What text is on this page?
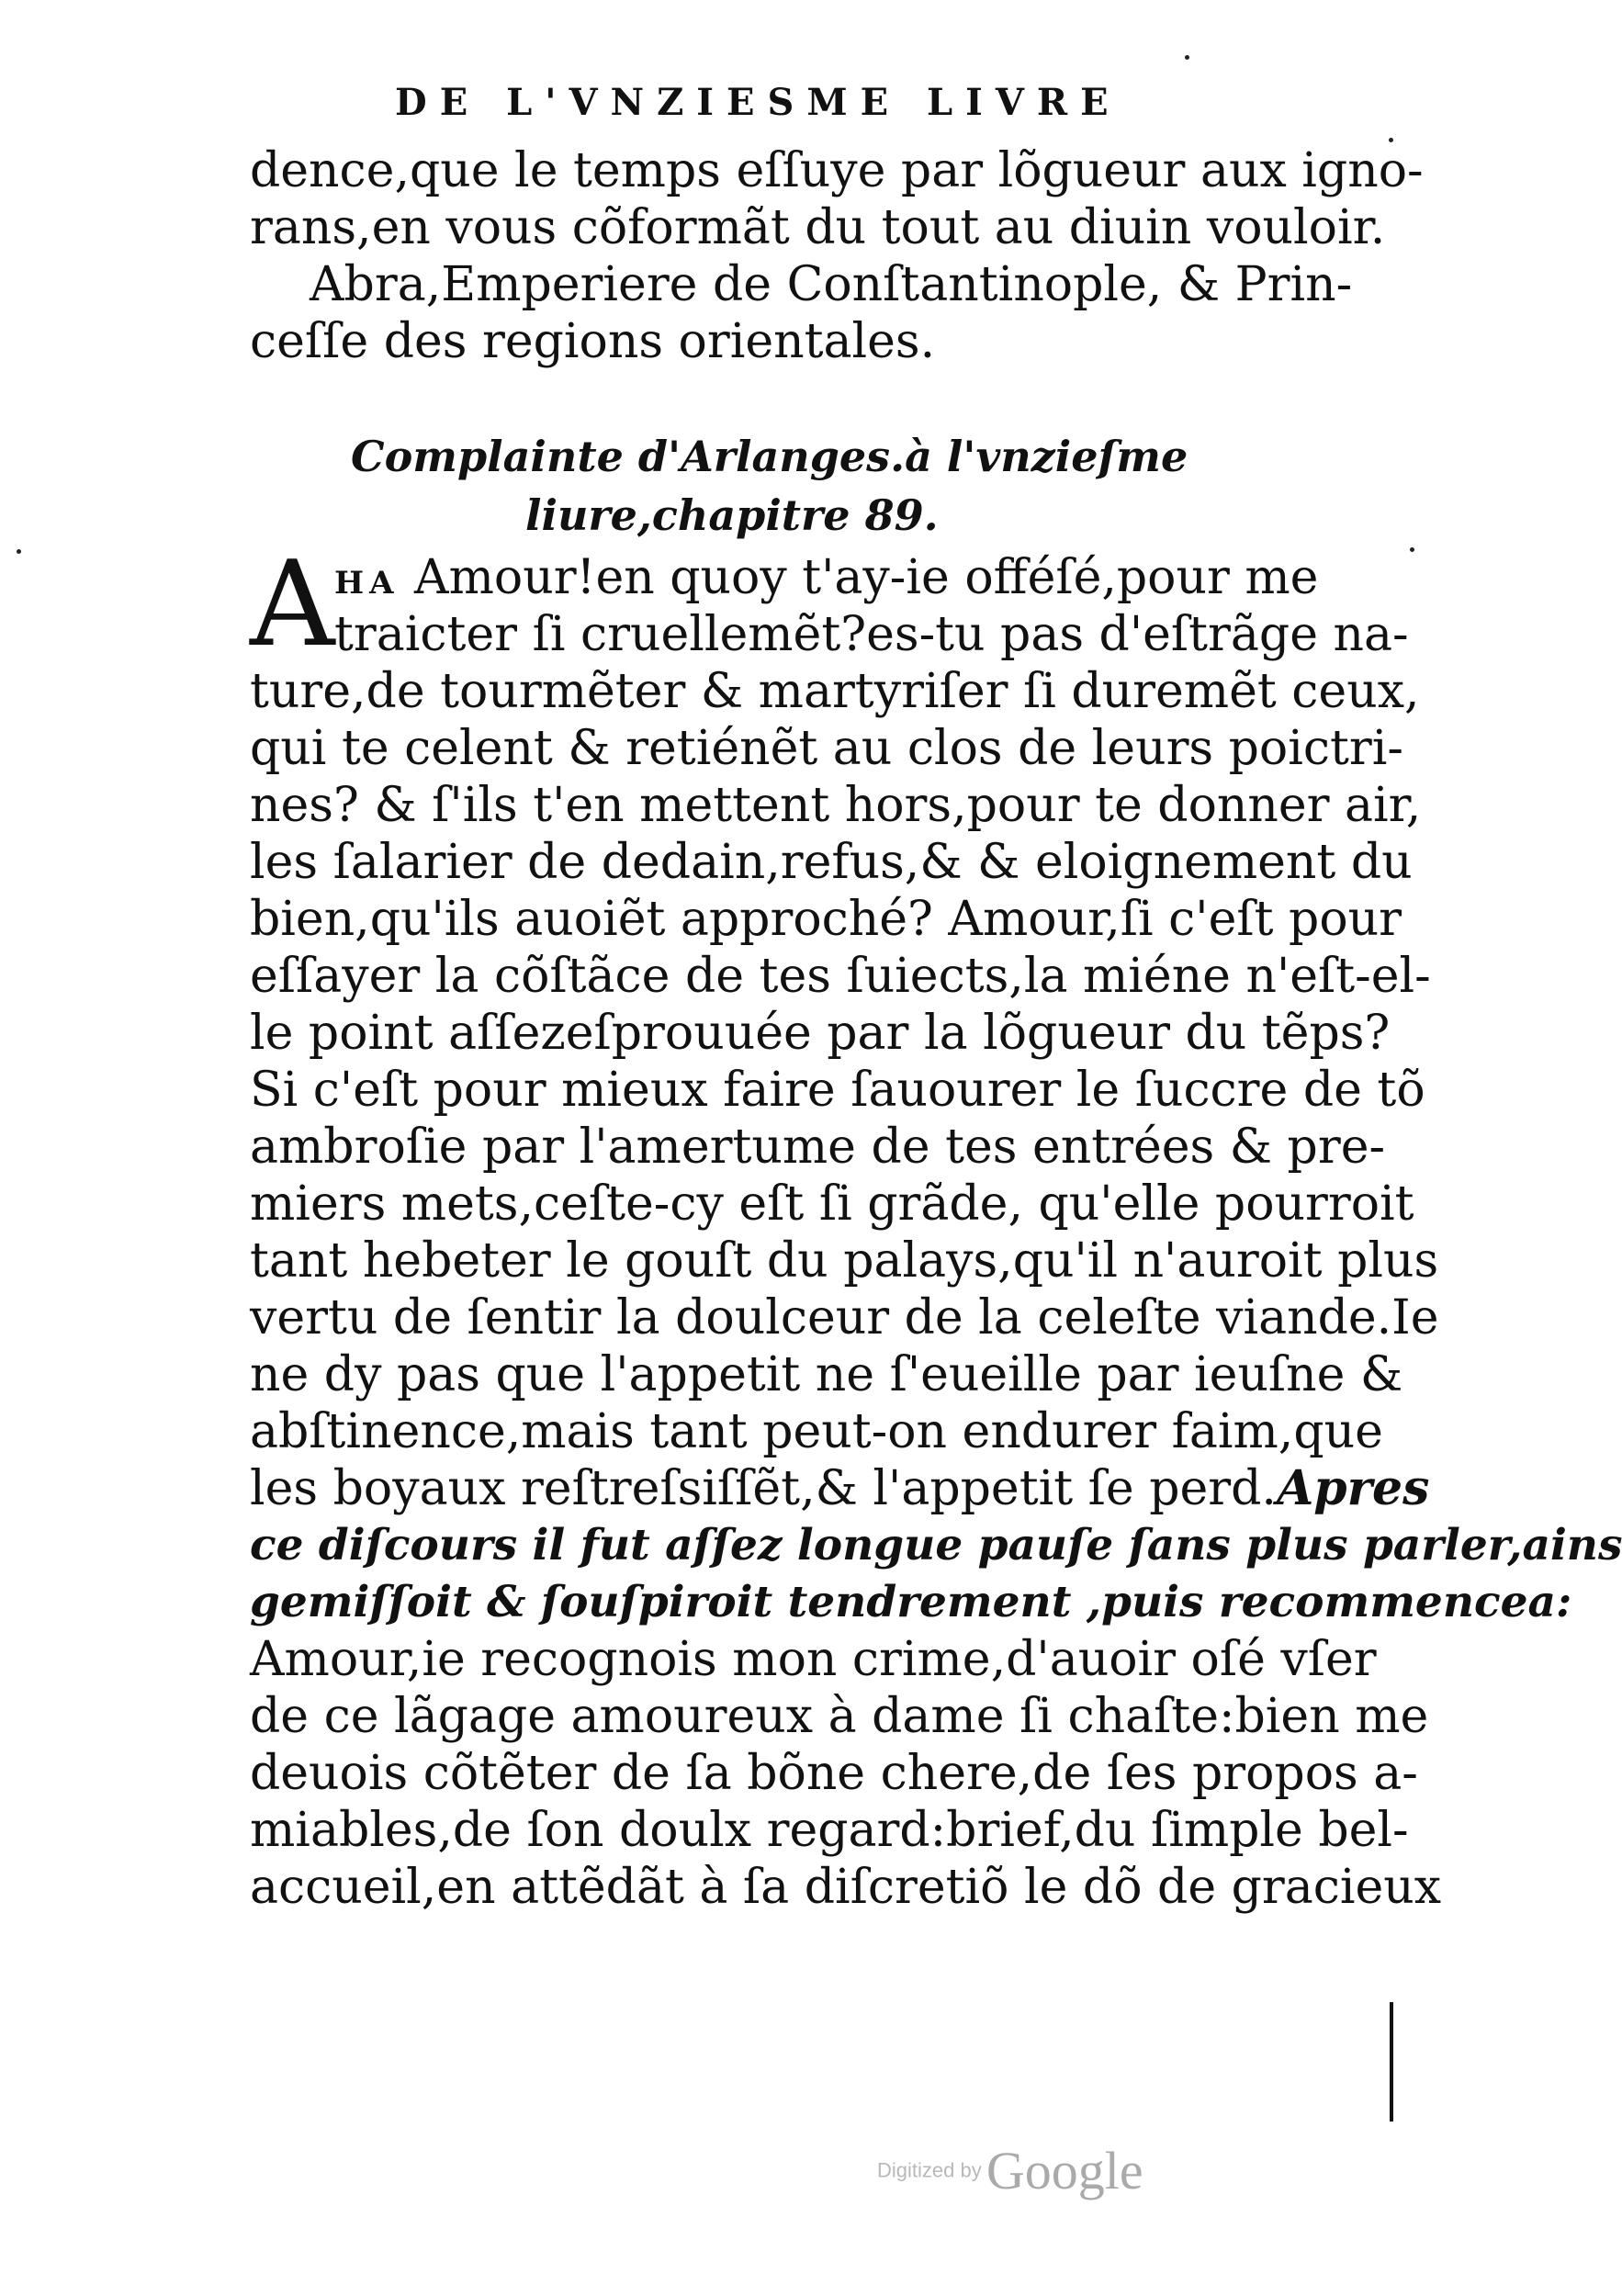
DE L'VNZIESME LIVRE
dence,que le temps eſſuye par lõgueur aux igno-
rans,en vous cõformãt du tout au diuin vouloir.
Abra,Emperiere de Conſtantinople, & Prin-
ceſſe des regions orientales.
Complainte d'Arlanges.à l'vnzieſme
liure,chapitre 89.
A HA Amour!en quoy t'ay-ie offéſé,pour me
traicter ſi cruellemẽt?es-tu pas d'eſtrãge na-
ture,de tourmẽter & martyriſer ſi duremẽt ceux,
qui te celent & retiénẽt au clos de leurs poictri-
nes? & ſ'ils t'en mettent hors,pour te donner air,
les ſalarier de dedain,refus,& & eloignement du
bien,qu'ils auoiẽt approché? Amour,ſi c'eſt pour
eſſayer la cõſtãce de tes ſuiects,la miéne n'eſt-el-
le point aſſezeſprouuée par la lõgueur du tẽps?
Si c'eſt pour mieux faire ſauourer le ſuccre de tõ
ambroſie par l'amertume de tes entrées & pre-
miers mets,ceſte-cy eſt ſi grãde, qu'elle pourroit
tant hebeter le gouſt du palays,qu'il n'auroit plus
vertu de ſentir la doulceur de la celeſte viande.Ie
ne dy pas que l'appetit ne ſ'eueille par ieuſne &
abſtinence,mais tant peut-on endurer faim,que
les boyaux reſtreſsiſſẽt,& l'appetit ſe perd.Apres
ce diſcours il fut aſſez longue pauſe ſans plus parler,ains
gemiſſoit & ſouſpiroit tendrement ,puis recommencea:
Amour,ie recognois mon crime,d'auoir oſé vſer
de ce lãgage amoureux à dame ſi chaſte:bien me
deuois cõtẽter de ſa bõne chere,de ſes propos a-
miables,de ſon doulx regard:brief,du ſimple bel-
accueil,en attẽdãt à ſa diſcretiõ le dõ de gracieux
Digitized by Google
